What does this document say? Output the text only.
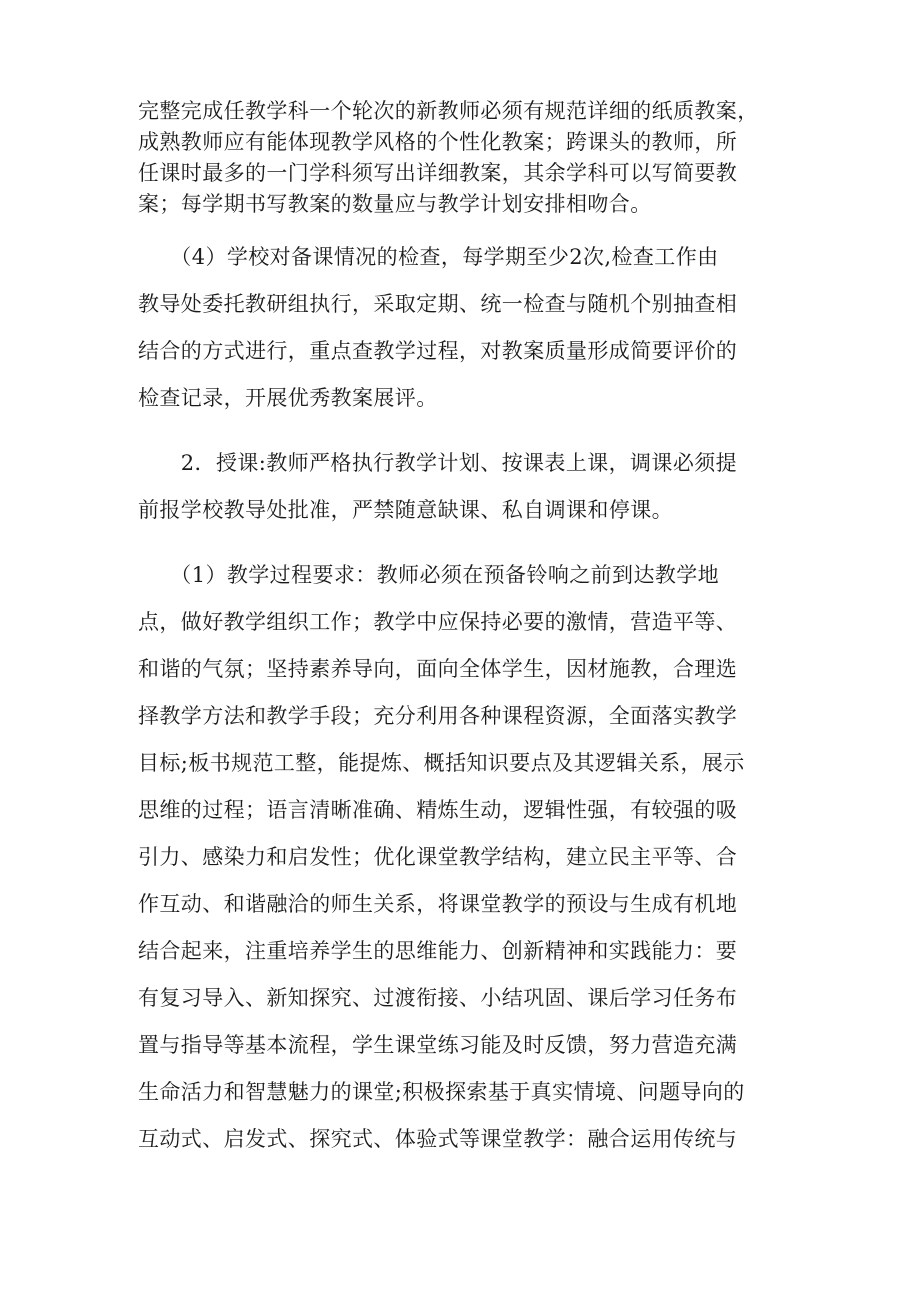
完整完成任教学科一个轮次的新教师必须有规范详细的纸质教案，
成熟教师应有能体现教学风格的个性化教案；跨课头的教师，所
任课时最多的一门学科须写出详细教案，其余学科可以写简要教
案；每学期书写教案的数量应与教学计划安排相吻合。
　　（4）学校对备课情况的检查，每学期至少2次,检查工作由
教导处委托教研组执行，采取定期、统一检查与随机个别抽查相
结合的方式进行，重点查教学过程，对教案质量形成简要评价的
检查记录，开展优秀教案展评。
　　2．授课:教师严格执行教学计划、按课表上课，调课必须提
前报学校教导处批准，严禁随意缺课、私自调课和停课。
　　（1）教学过程要求：教师必须在预备铃响之前到达教学地
点，做好教学组织工作；教学中应保持必要的激情，营造平等、
和谐的气氛；坚持素养导向，面向全体学生，因材施教，合理选
择教学方法和教学手段；充分利用各种课程资源，全面落实教学
目标;板书规范工整，能提炼、概括知识要点及其逻辑关系，展示
思维的过程；语言清晰准确、精炼生动，逻辑性强，有较强的吸
引力、感染力和启发性；优化课堂教学结构，建立民主平等、合
作互动、和谐融洽的师生关系，将课堂教学的预设与生成有机地
结合起来，注重培养学生的思维能力、创新精神和实践能力：要
有复习导入、新知探究、过渡衔接、小结巩固、课后学习任务布
置与指导等基本流程，学生课堂练习能及时反馈，努力营造充满
生命活力和智慧魅力的课堂;积极探索基于真实情境、问题导向的
互动式、启发式、探究式、体验式等课堂教学：融合运用传统与
